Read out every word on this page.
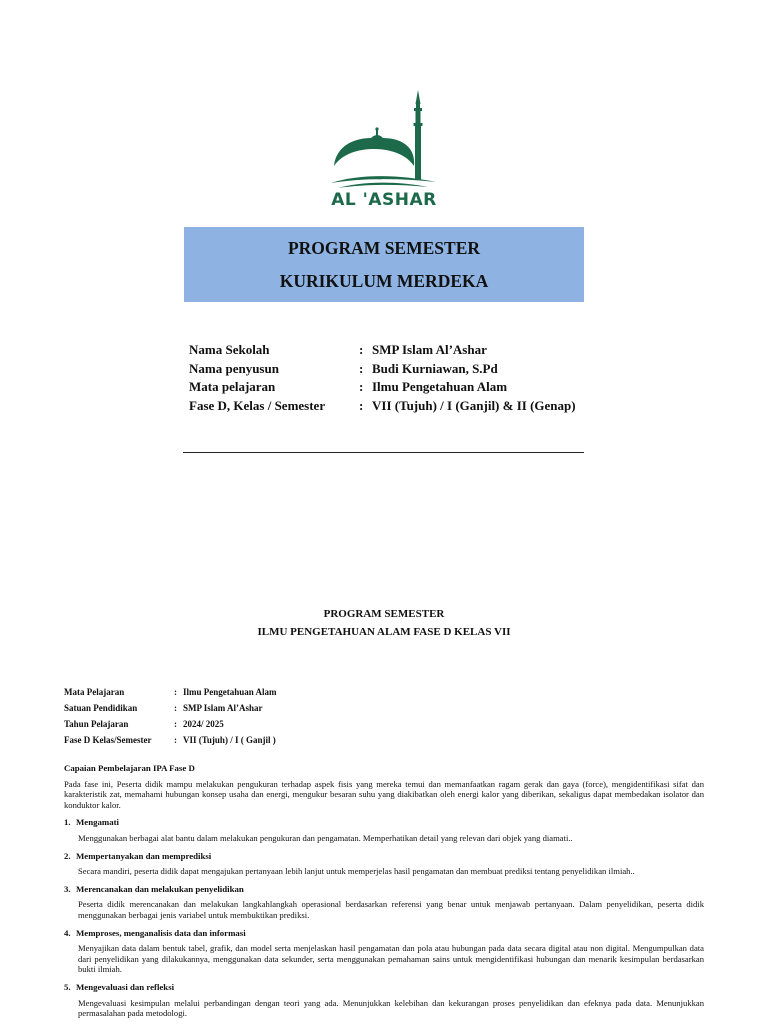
AL 'ASHAR
PROGRAM SEMESTER
KURIKULUM MERDEKA
Nama Sekolah	: SMP Islam Al’Ashar
Nama penyusun	: Budi Kurniawan, S.Pd
Mata pelajaran	: Ilmu Pengetahuan Alam
Fase D, Kelas / Semester	: VII (Tujuh) / I (Ganjil) & II (Genap)
PROGRAM SEMESTER
ILMU PENGETAHUAN ALAM FASE D KELAS VII
Mata Pelajaran	: Ilmu Pengetahuan Alam
Satuan Pendidikan	: SMP Islam Al’Ashar
Tahun Pelajaran	: 2024/ 2025
Fase D Kelas/Semester	: VII (Tujuh) / I ( Ganjil )
Capaian Pembelajaran IPA Fase D
Pada fase ini, Peserta didik mampu melakukan pengukuran terhadap aspek fisis yang mereka temui dan memanfaatkan ragam gerak dan gaya (force), mengidentifikasi sifat dan karakteristik zat, memahami hubungan konsep usaha dan energi, mengukur besaran suhu yang diakibatkan oleh energi kalor yang diberikan, sekaligus dapat membedakan isolator dan konduktor kalor.
1. Mengamati
Menggunakan berbagai alat bantu dalam melakukan pengukuran dan pengamatan. Memperhatikan detail yang relevan dari objek yang diamati..
2. Mempertanyakan dan memprediksi
Secara mandiri, peserta didik dapat mengajukan pertanyaan lebih lanjut untuk memperjelas hasil pengamatan dan membuat prediksi tentang penyelidikan ilmiah..
3. Merencanakan dan melakukan penyelidikan
Peserta didik merencanakan dan melakukan langkahlangkah operasional berdasarkan referensi yang benar untuk menjawab pertanyaan. Dalam penyelidikan, peserta didik menggunakan berbagai jenis variabel untuk membuktikan prediksi.
4. Memproses, menganalisis data dan informasi
Menyajikan data dalam bentuk tabel, grafik, dan model serta menjelaskan hasil pengamatan dan pola atau hubungan pada data secara digital atau non digital. Mengumpulkan data dari penyelidikan yang dilakukannya, menggunakan data sekunder, serta menggunakan pemahaman sains untuk mengidentifikasi hubungan dan menarik kesimpulan berdasarkan bukti ilmiah.
5. Mengevaluasi dan refleksi
Mengevaluasi kesimpulan melalui perbandingan dengan teori yang ada. Menunjukkan kelebihan dan kekurangan proses penyelidikan dan efeknya pada data. Menunjukkan permasalahan pada metodologi.
